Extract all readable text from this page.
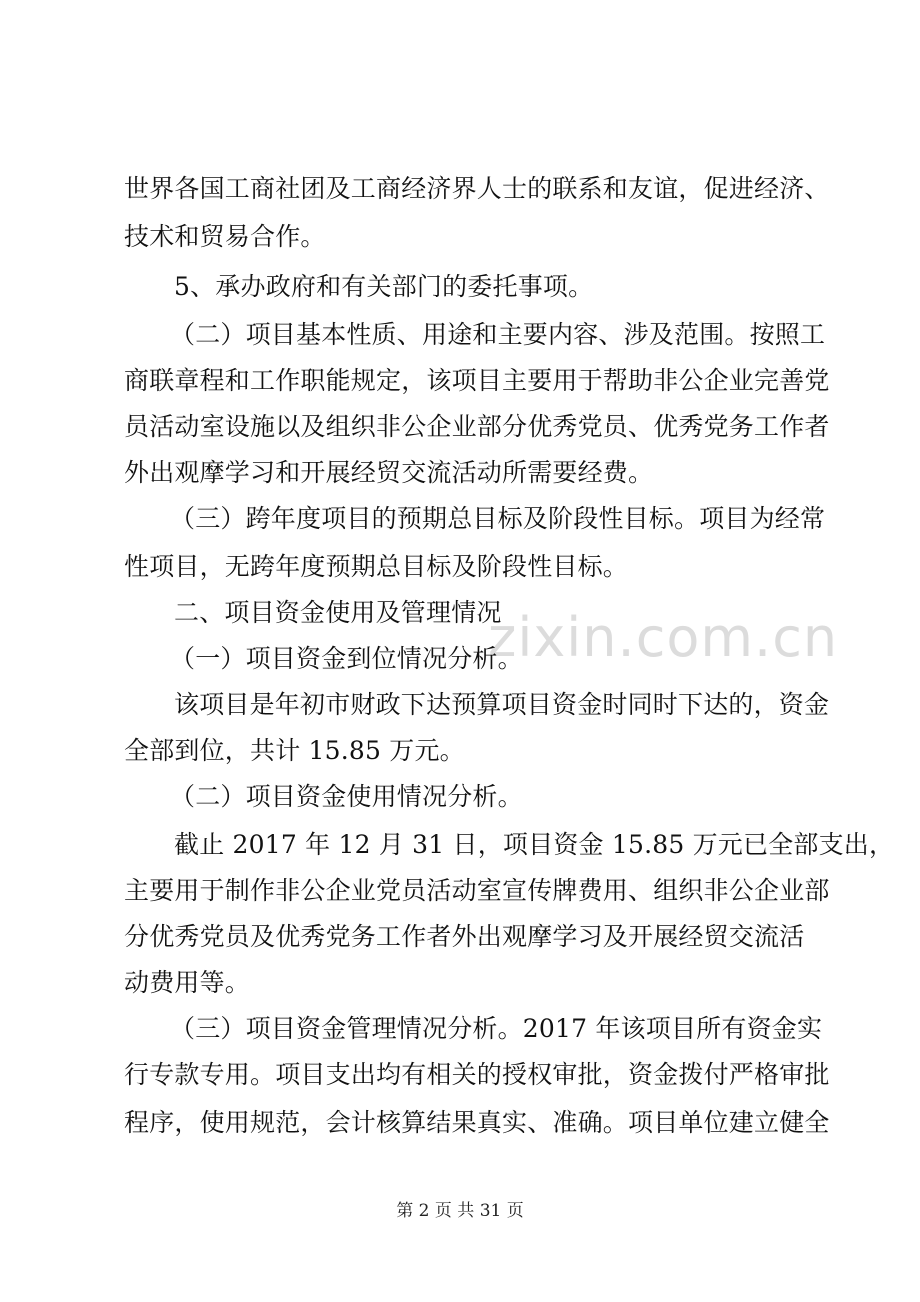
zixin.com.cn
世界各国工商社团及工商经济界人士的联系和友谊，促进经济、
技术和贸易合作。
5、承办政府和有关部门的委托事项。
（二）项目基本性质、用途和主要内容、涉及范围。按照工
商联章程和工作职能规定，该项目主要用于帮助非公企业完善党
员活动室设施以及组织非公企业部分优秀党员、优秀党务工作者
外出观摩学习和开展经贸交流活动所需要经费。
（三）跨年度项目的预期总目标及阶段性目标。项目为经常
性项目，无跨年度预期总目标及阶段性目标。
二、项目资金使用及管理情况
（一）项目资金到位情况分析。
该项目是年初市财政下达预算项目资金时同时下达的，资金
全部到位，共计 15.85 万元。
（二）项目资金使用情况分析。
截止 2017 年 12 月 31 日，项目资金 15.85 万元已全部支出，
主要用于制作非公企业党员活动室宣传牌费用、组织非公企业部
分优秀党员及优秀党务工作者外出观摩学习及开展经贸交流活
动费用等。
（三）项目资金管理情况分析。2017 年该项目所有资金实
行专款专用。项目支出均有相关的授权审批，资金拨付严格审批
程序，使用规范，会计核算结果真实、准确。项目单位建立健全
第 2 页 共 31 页
